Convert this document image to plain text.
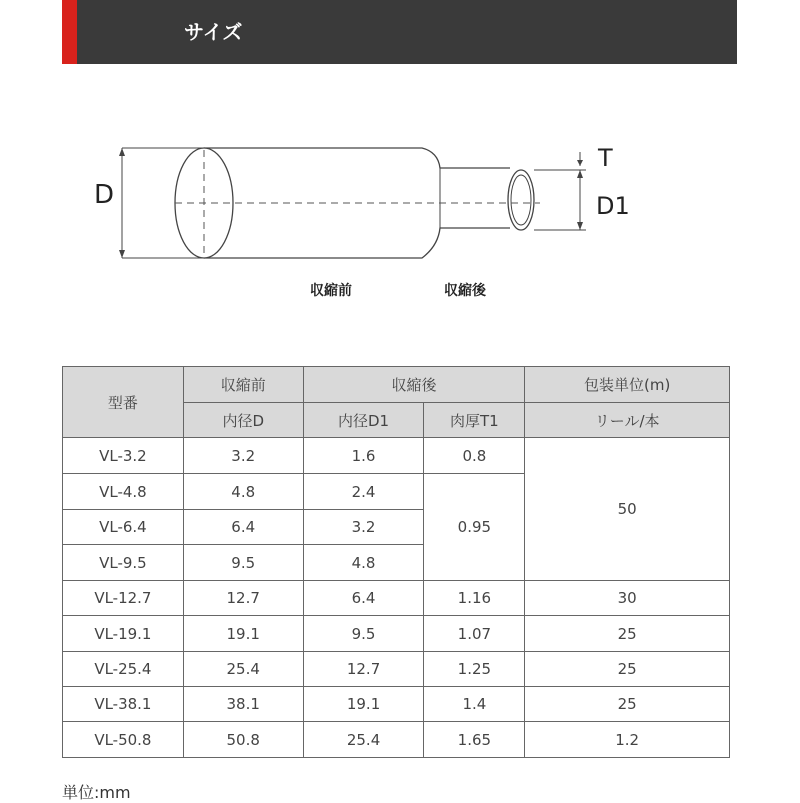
サイズ
D
T
D1
収縮前	収縮後
型番	収縮前	収縮後		包装単位(m)
	内径D	内径D1	肉厚T1	リール/本
VL-3.2	3.2	1.6	0.8	50
VL-4.8	4.8	2.4	0.95	
VL-6.4	6.4	3.2		
VL-9.5	9.5	4.8		
VL-12.7	12.7	6.4	1.16	30
VL-19.1	19.1	9.5	1.07	25
VL-25.4	25.4	12.7	1.25	25
VL-38.1	38.1	19.1	1.4	25
VL-50.8	50.8	25.4	1.65	1.2
単位:mm
